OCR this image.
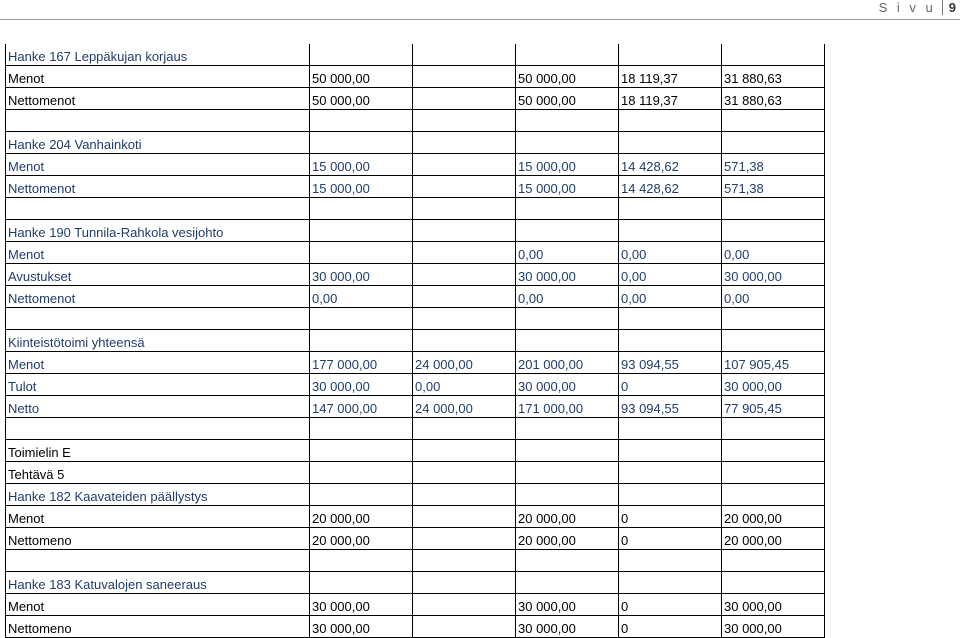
S i v u	9
Hanke 167 Leppäkujan korjaus					
Menot	50 000,00		50 000,00	18 119,37	31 880,63
Nettomenot	50 000,00		50 000,00	18 119,37	31 880,63

Hanke 204 Vanhainkoti					
Menot	15 000,00		15 000,00	14 428,62	571,38
Nettomenot	15 000,00		15 000,00	14 428,62	571,38

Hanke 190 Tunnila-Rahkola vesijohto					
Menot			0,00	0,00	0,00
Avustukset	30 000,00		30 000,00	0,00	30 000,00
Nettomenot	0,00		0,00	0,00	0,00

Kiinteistötoimi yhteensä					
Menot	177 000,00	24 000,00	201 000,00	93 094,55	107 905,45
Tulot	30 000,00	0,00	30 000,00	0	30 000,00
Netto	147 000,00	24 000,00	171 000,00	93 094,55	77 905,45

Toimielin E					
Tehtävä 5					
Hanke 182 Kaavateiden päällystys					
Menot	20 000,00		20 000,00	0	20 000,00
Nettomeno	20 000,00		20 000,00	0	20 000,00

Hanke 183 Katuvalojen saneeraus					
Menot	30 000,00		30 000,00	0	30 000,00
Nettomeno	30 000,00		30 000,00	0	30 000,00
